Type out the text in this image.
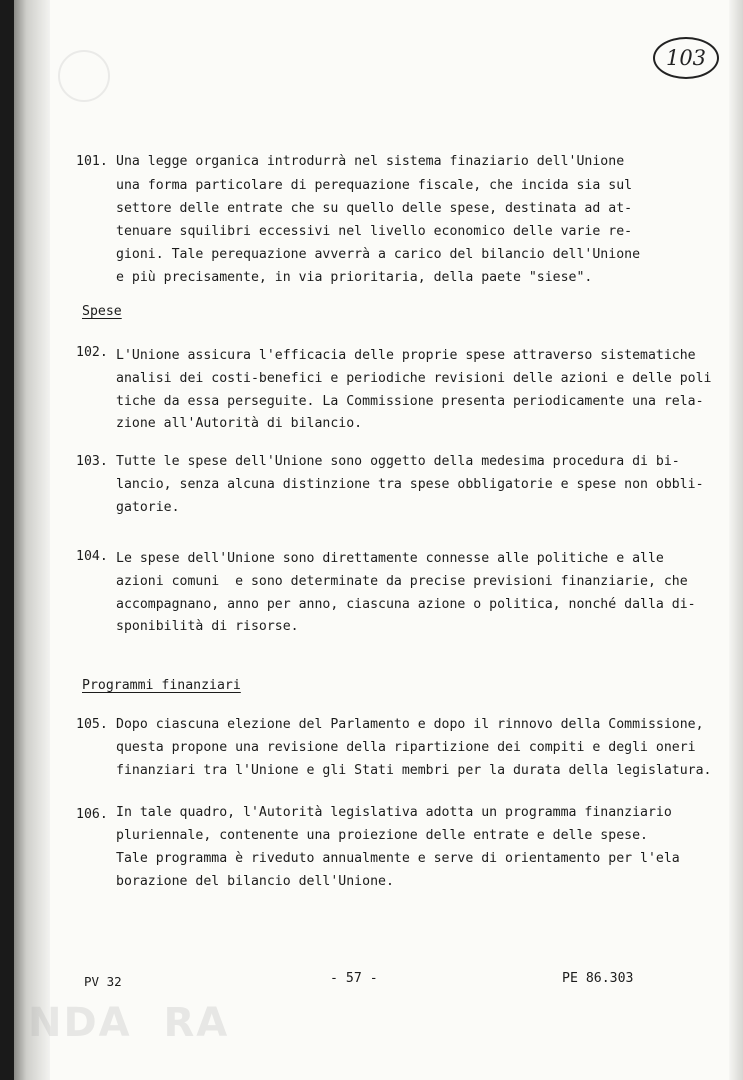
103
101. Una legge organica introdurrà nel sistema finaziario dell'Unione
una forma particolare di perequazione fiscale, che incida sia sul
settore delle entrate che su quello delle spese, destinata ad at-
tenuare squilibri eccessivi nel livello economico delle varie re-
gioni. Tale perequazione avverrà a carico del bilancio dell'Unione
e più precisamente, in via prioritaria, della paete "siese".
Spese
102. L'Unione assicura l'efficacia delle proprie spese attraverso sistematiche
analisi dei costi-benefici e periodiche revisioni delle azioni e delle poli
tiche da essa perseguite. La Commissione presenta periodicamente una rela-
zione all'Autorità di bilancio.
103. Tutte le spese dell'Unione sono oggetto della medesima procedura di bi-
lancio, senza alcuna distinzione tra spese obbligatorie e spese non obbli-
gatorie.
104. Le spese dell'Unione sono direttamente connesse alle politiche e alle
azioni comuni  e sono determinate da precise previsioni finanziarie, che
accompagnano, anno per anno, ciascuna azione o politica, nonché dalla di-
sponibilità di risorse.
Programmi finanziari
105. Dopo ciascuna elezione del Parlamento e dopo il rinnovo della Commissione,
questa propone una revisione della ripartizione dei compiti e degli oneri
finanziari tra l'Unione e gli Stati membri per la durata della legislatura.
106. In tale quadro, l'Autorità legislativa adotta un programma finanziario
pluriennale, contenente una proiezione delle entrate e delle spese.
Tale programma è riveduto annualmente e serve di orientamento per l'ela
borazione del bilancio dell'Unione.
PV 32	- 57 -	PE 86.303
NDA  RA
